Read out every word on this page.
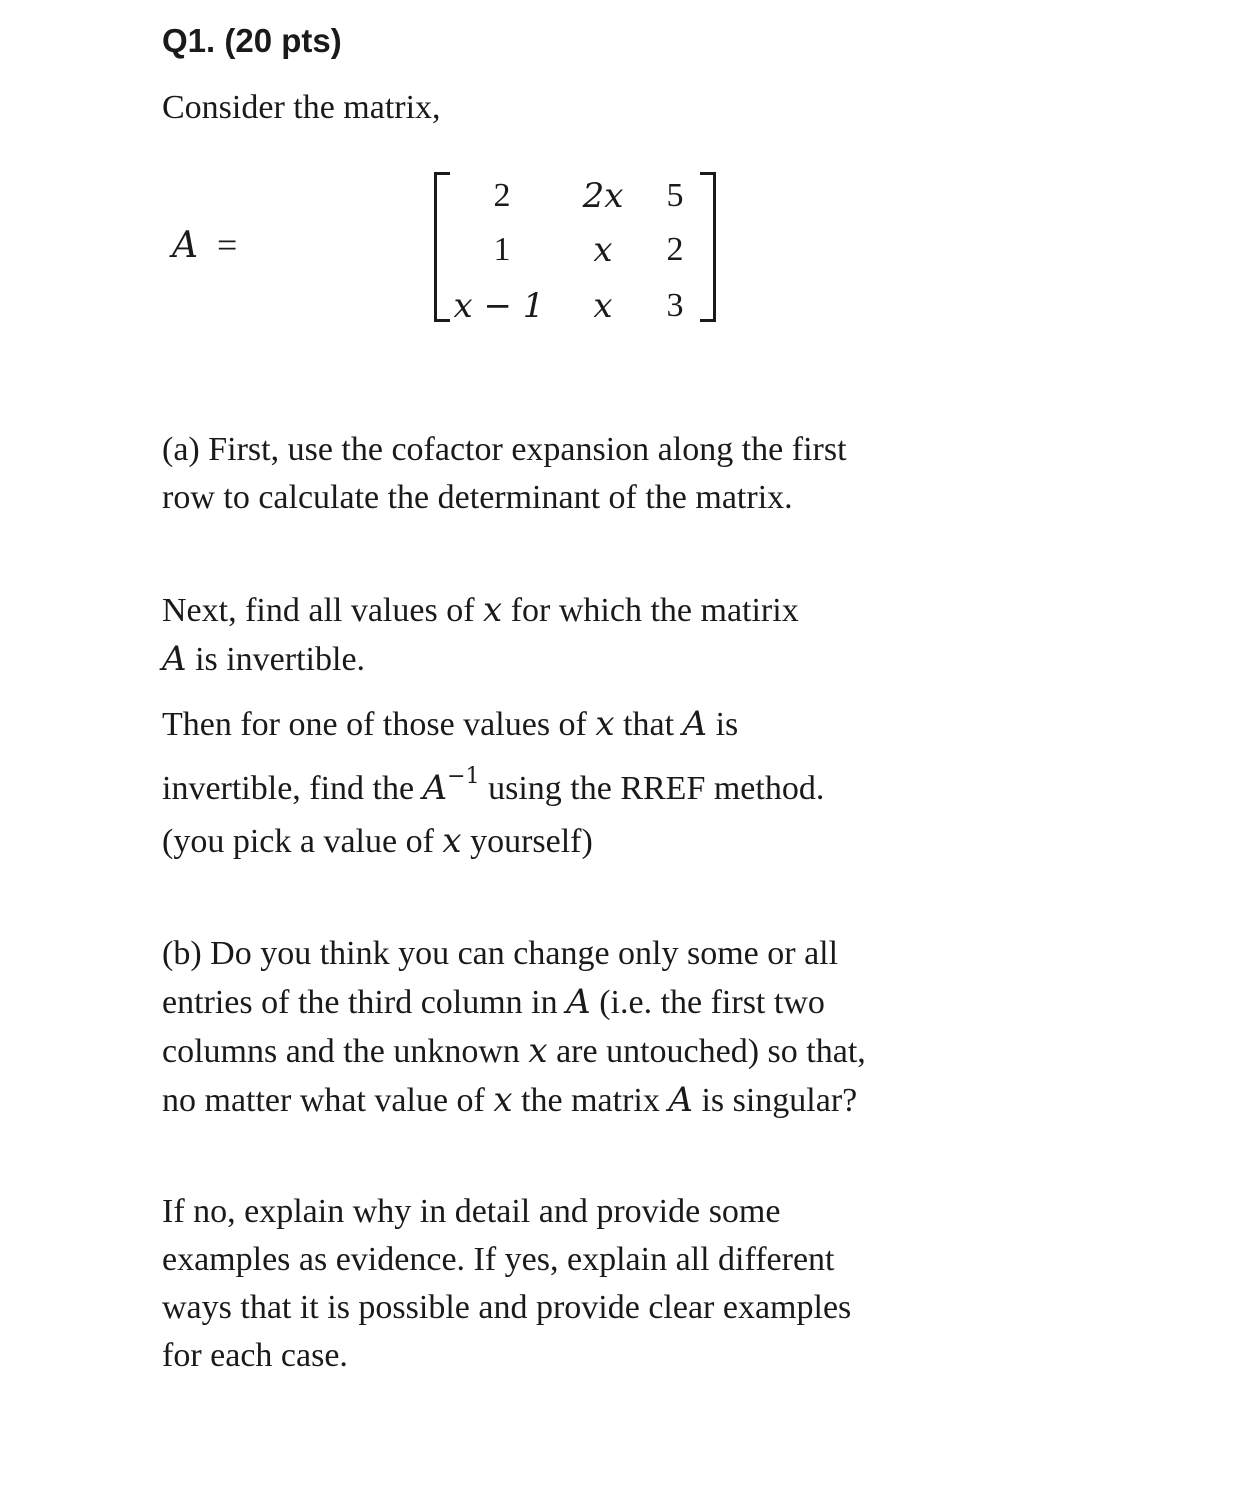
Q1. (20 pts)

Consider the matrix,

A =
2	2x	5
1	x	2
x − 1	x	3

(a) First, use the cofactor expansion along the first row to calculate the determinant of the matrix.

Next, find all values of x for which the matirix
A is invertible.

Then for one of those values of x that A is invertible, find the $A^{-1}$ using the RREF method. (you pick a value of x yourself)

(b) Do you think you can change only some or all entries of the third column in A (i.e. the first two columns and the unknown x are untouched) so that, no matter what value of x the matrix A is singular?

If no, explain why in detail and provide some examples as evidence. If yes, explain all different ways that it is possible and provide clear examples for each case.
